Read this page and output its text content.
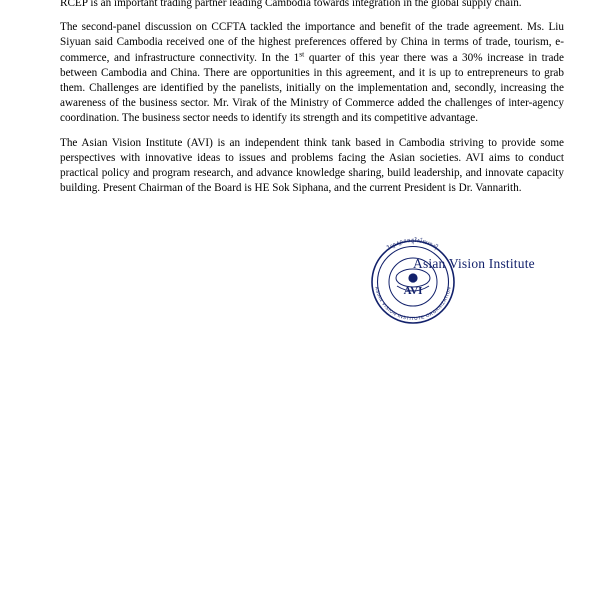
RCEP is an important trading partner leading Cambodia towards integration in the global supply chain.

The second-panel discussion on CCFTA tackled the importance and benefit of the trade agreement. Ms. Liu Siyuan said Cambodia received one of the highest preferences offered by China in terms of trade, tourism, e-commerce, and infrastructure connectivity. In the 1st quarter of this year there was a 30% increase in trade between Cambodia and China. There are opportunities in this agreement, and it is up to entrepreneurs to grab them. Challenges are identified by the panelists, initially on the implementation and, secondly, increasing the awareness of the business sector. Mr. Virak of the Ministry of Commerce added the challenges of inter-agency coordination. The business sector needs to identify its strength and its competitive advantage.

The Asian Vision Institute (AVI) is an independent think tank based in Cambodia striving to provide some perspectives with innovative ideas to issues and problems facing the Asian societies. AVI aims to conduct practical policy and program research, and advance knowledge sharing, build leadership, and innovate capacity building. Present Chairman of the Board is HE Sok Siphana, and the current President is Dr. Vannarith.

AVI
វិទ្យាស្ថានចក្ខុវិស័យអាស៊ី
ASIAN VISION INSTITUTE ORGANIZATION
Asian Vision Institute
